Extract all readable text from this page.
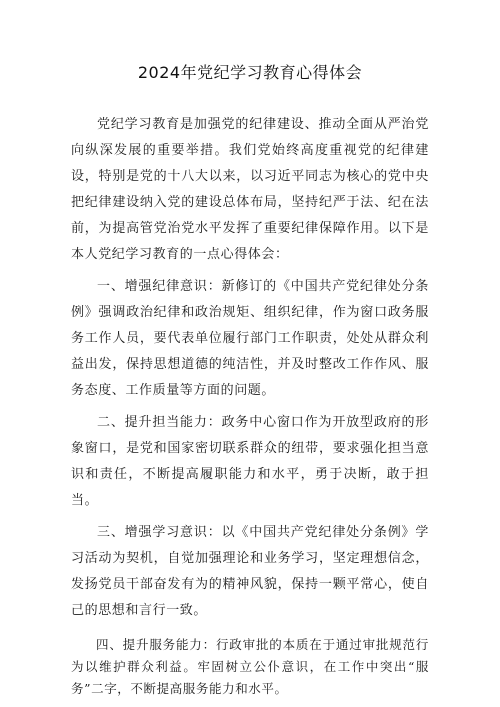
2024年党纪学习教育心得体会

党纪学习教育是加强党的纪律建设、推动全面从严治党向纵深发展的重要举措。我们党始终高度重视党的纪律建设，特别是党的十八大以来，以习近平同志为核心的党中央把纪律建设纳入党的建设总体布局，坚持纪严于法、纪在法前，为提高管党治党水平发挥了重要纪律保障作用。以下是本人党纪学习教育的一点心得体会：

一、增强纪律意识：新修订的《中国共产党纪律处分条例》强调政治纪律和政治规矩、组织纪律，作为窗口政务服务工作人员，要代表单位履行部门工作职责，处处从群众利益出发，保持思想道德的纯洁性，并及时整改工作作风、服务态度、工作质量等方面的问题。

二、提升担当能力：政务中心窗口作为开放型政府的形象窗口，是党和国家密切联系群众的纽带，要求强化担当意识和责任，不断提高履职能力和水平，勇于决断，敢于担当。

三、增强学习意识：以《中国共产党纪律处分条例》学习活动为契机，自觉加强理论和业务学习，坚定理想信念，发扬党员干部奋发有为的精神风貌，保持一颗平常心，使自己的思想和言行一致。

四、提升服务能力：行政审批的本质在于通过审批规范行为以维护群众利益。牢固树立公仆意识，在工作中突出“服务”二字，不断提高服务能力和水平。
